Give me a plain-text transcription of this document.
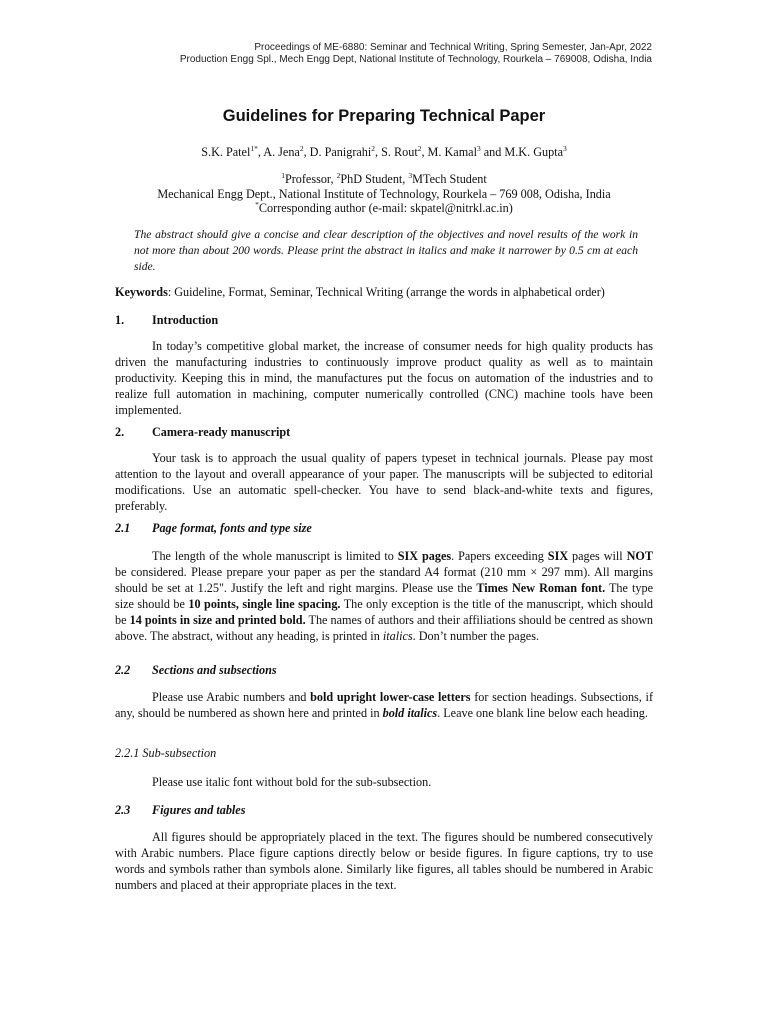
Proceedings of ME-6880: Seminar and Technical Writing, Spring Semester, Jan-Apr, 2022
Production Engg Spl., Mech Engg Dept, National Institute of Technology, Rourkela – 769008, Odisha, India
Guidelines for Preparing Technical Paper
S.K. Patel$^{1*}$, A. Jena$^2$, D. Panigrahi$^2$, S. Rout$^2$, M. Kamal$^3$ and M.K. Gupta$^3$
$^1$Professor, $^2$PhD Student, $^3$MTech Student
Mechanical Engg Dept., National Institute of Technology, Rourkela – 769 008, Odisha, India
*Corresponding author (e-mail: skpatel@nitrkl.ac.in)
The abstract should give a concise and clear description of the objectives and novel results of the work in not more than about 200 words. Please print the abstract in italics and make it narrower by 0.5 cm at each side.
Keywords: Guideline, Format, Seminar, Technical Writing (arrange the words in alphabetical order)
1. Introduction
In today’s competitive global market, the increase of consumer needs for high quality products has driven the manufacturing industries to continuously improve product quality as well as to maintain productivity. Keeping this in mind, the manufactures put the focus on automation of the industries and to realize full automation in machining, computer numerically controlled (CNC) machine tools have been implemented.
2. Camera-ready manuscript
Your task is to approach the usual quality of papers typeset in technical journals. Please pay most attention to the layout and overall appearance of your paper. The manuscripts will be subjected to editorial modifications. Use an automatic spell-checker. You have to send black-and-white texts and figures, preferably.
2.1 Page format, fonts and type size
The length of the whole manuscript is limited to SIX pages. Papers exceeding SIX pages will NOT be considered. Please prepare your paper as per the standard A4 format (210 mm × 297 mm). All margins should be set at 1.25". Justify the left and right margins. Please use the Times New Roman font. The type size should be 10 points, single line spacing. The only exception is the title of the manuscript, which should be 14 points in size and printed bold. The names of authors and their affiliations should be centred as shown above. The abstract, without any heading, is printed in italics. Don’t number the pages.
2.2 Sections and subsections
Please use Arabic numbers and bold upright lower-case letters for section headings. Subsections, if any, should be numbered as shown here and printed in bold italics. Leave one blank line below each heading.
2.2.1 Sub-subsection
Please use italic font without bold for the sub-subsection.
2.3 Figures and tables
All figures should be appropriately placed in the text. The figures should be numbered consecutively with Arabic numbers. Place figure captions directly below or beside figures. In figure captions, try to use words and symbols rather than symbols alone. Similarly like figures, all tables should be numbered in Arabic numbers and placed at their appropriate places in the text.
